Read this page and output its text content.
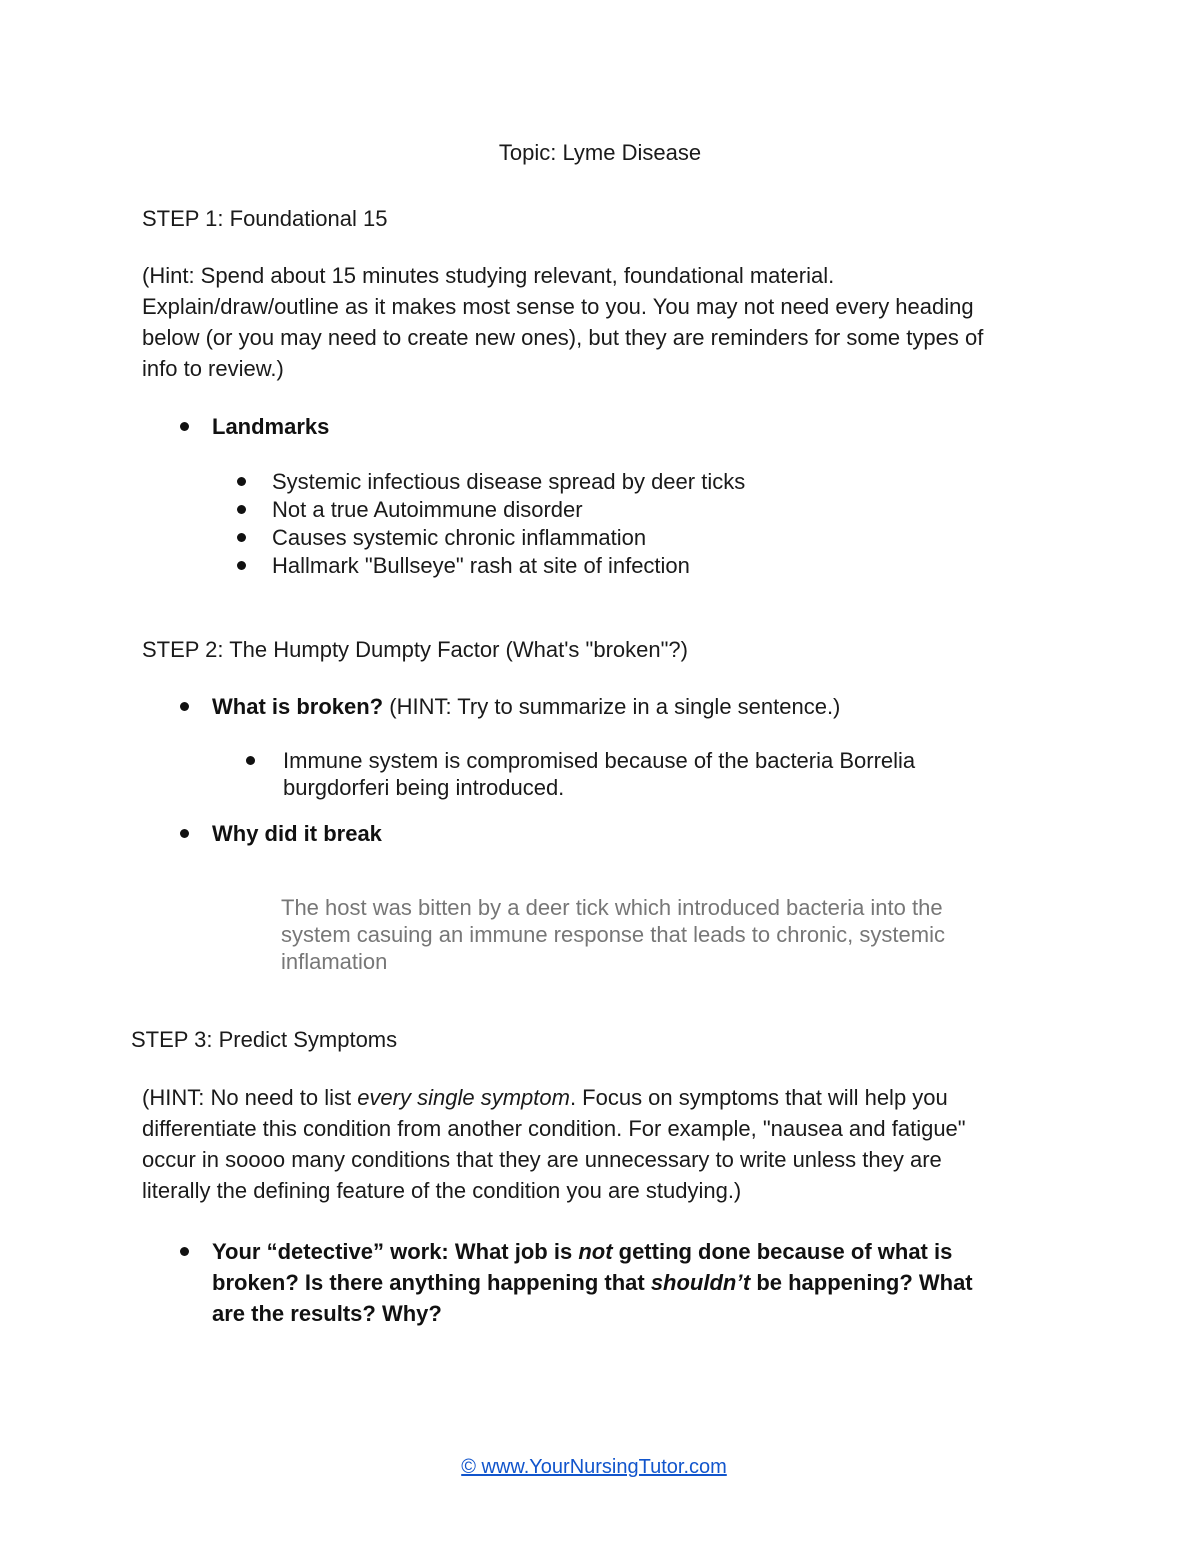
Topic: Lyme Disease

STEP 1: Foundational 15

(Hint: Spend about 15 minutes studying relevant, foundational material.
Explain/draw/outline as it makes most sense to you. You may not need every heading
below (or you may need to create new ones), but they are reminders for some types of
info to review.)
Landmarks
Systemic infectious disease spread by deer ticks
Not a true Autoimmune disorder
Causes systemic chronic inflammation
Hallmark "Bullseye" rash at site of infection

STEP 2: The Humpty Dumpty Factor (What's "broken"?)

What is broken? (HINT: Try to summarize in a single sentence.)
Immune system is compromised because of the bacteria Borrelia
burgdorferi being introduced.
Why did it break
The host was bitten by a deer tick which introduced bacteria into the
system casuing an immune response that leads to chronic, systemic
inflamation

STEP 3: Predict Symptoms

(HINT: No need to list every single symptom. Focus on symptoms that will help you
differentiate this condition from another condition. For example, "nausea and fatigue"
occur in soooo many conditions that they are unnecessary to write unless they are
literally the defining feature of the condition you are studying.)
Your “detective” work: What job is not getting done because of what is
broken? Is there anything happening that shouldn’t be happening? What
are the results? Why?
© www.YourNursingTutor.com
